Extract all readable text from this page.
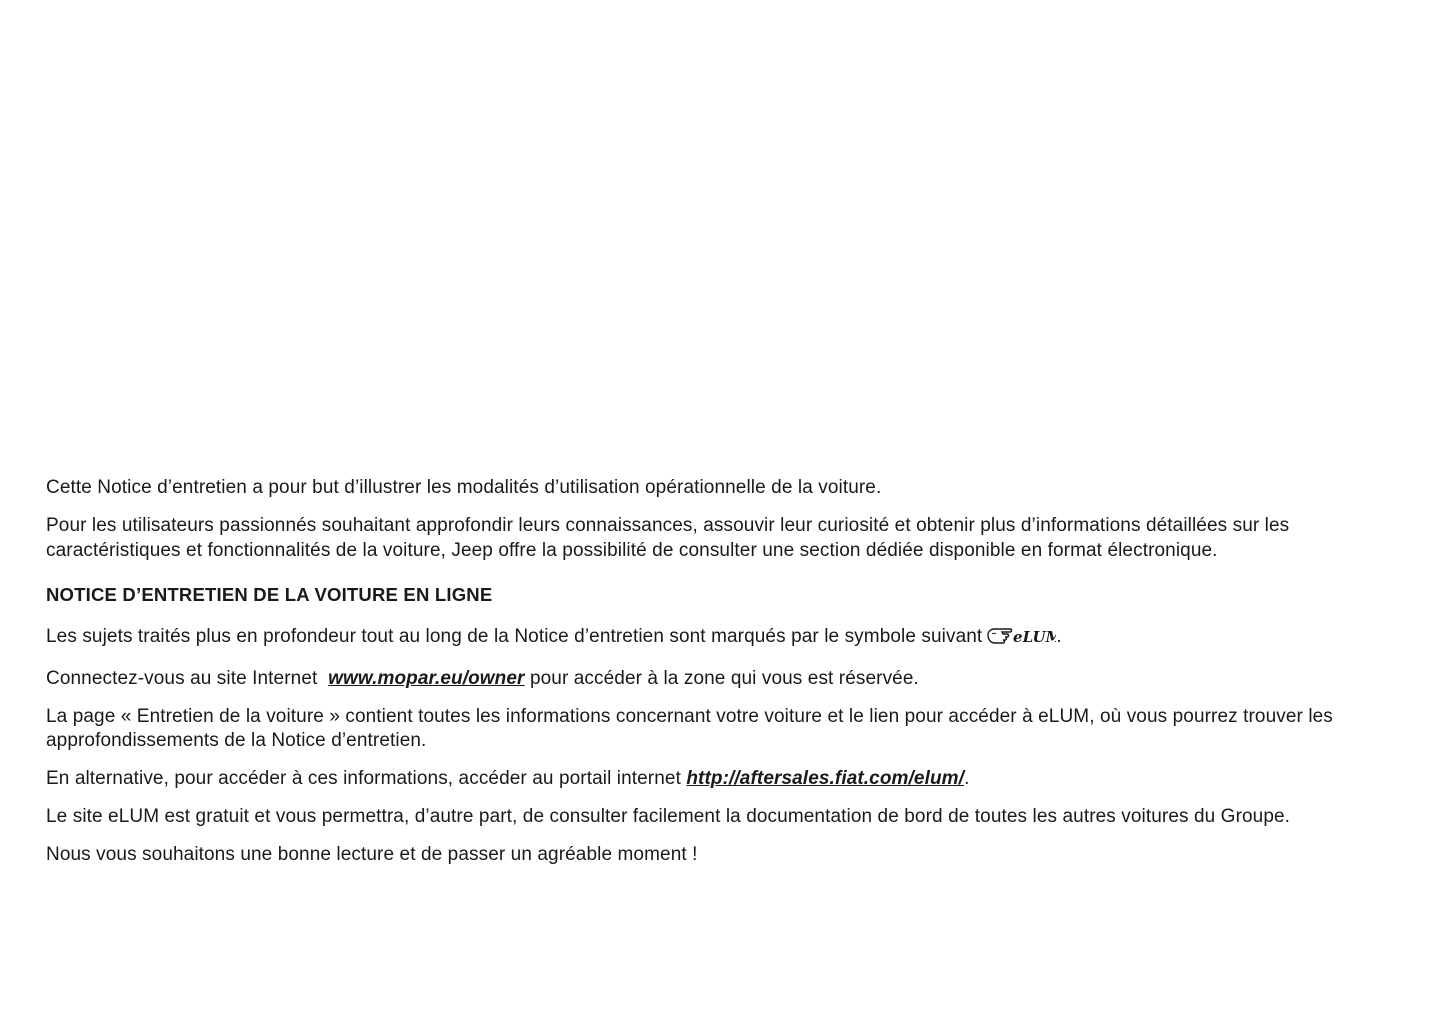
Cette Notice d’entretien a pour but d’illustrer les modalités d’utilisation opérationnelle de la voiture.

Pour les utilisateurs passionnés souhaitant approfondir leurs connaissances, assouvir leur curiosité et obtenir plus d’informations détaillées sur les caractéristiques et fonctionnalités de la voiture, Jeep offre la possibilité de consulter une section dédiée disponible en format électronique.

NOTICE D’ENTRETIEN DE LA VOITURE EN LIGNE

Les sujets traités plus en profondeur tout au long de la Notice d’entretien sont marqués par le symbole suivant eLU .

Connectez-vous au site Internet www.mopar.eu/owner pour accéder à la zone qui vous est réservée.

La page « Entretien de la voiture » contient toutes les informations concernant votre voiture et le lien pour accéder à eLUM, où vous pourrez trouver les approfondissements de la Notice d’entretien.

En alternative, pour accéder à ces informations, accéder au portail internet http://aftersales.fiat.com/elum/.

Le site eLUM est gratuit et vous permettra, d’autre part, de consulter facilement la documentation de bord de toutes les autres voitures du Groupe.

Nous vous souhaitons une bonne lecture et de passer un agréable moment !
